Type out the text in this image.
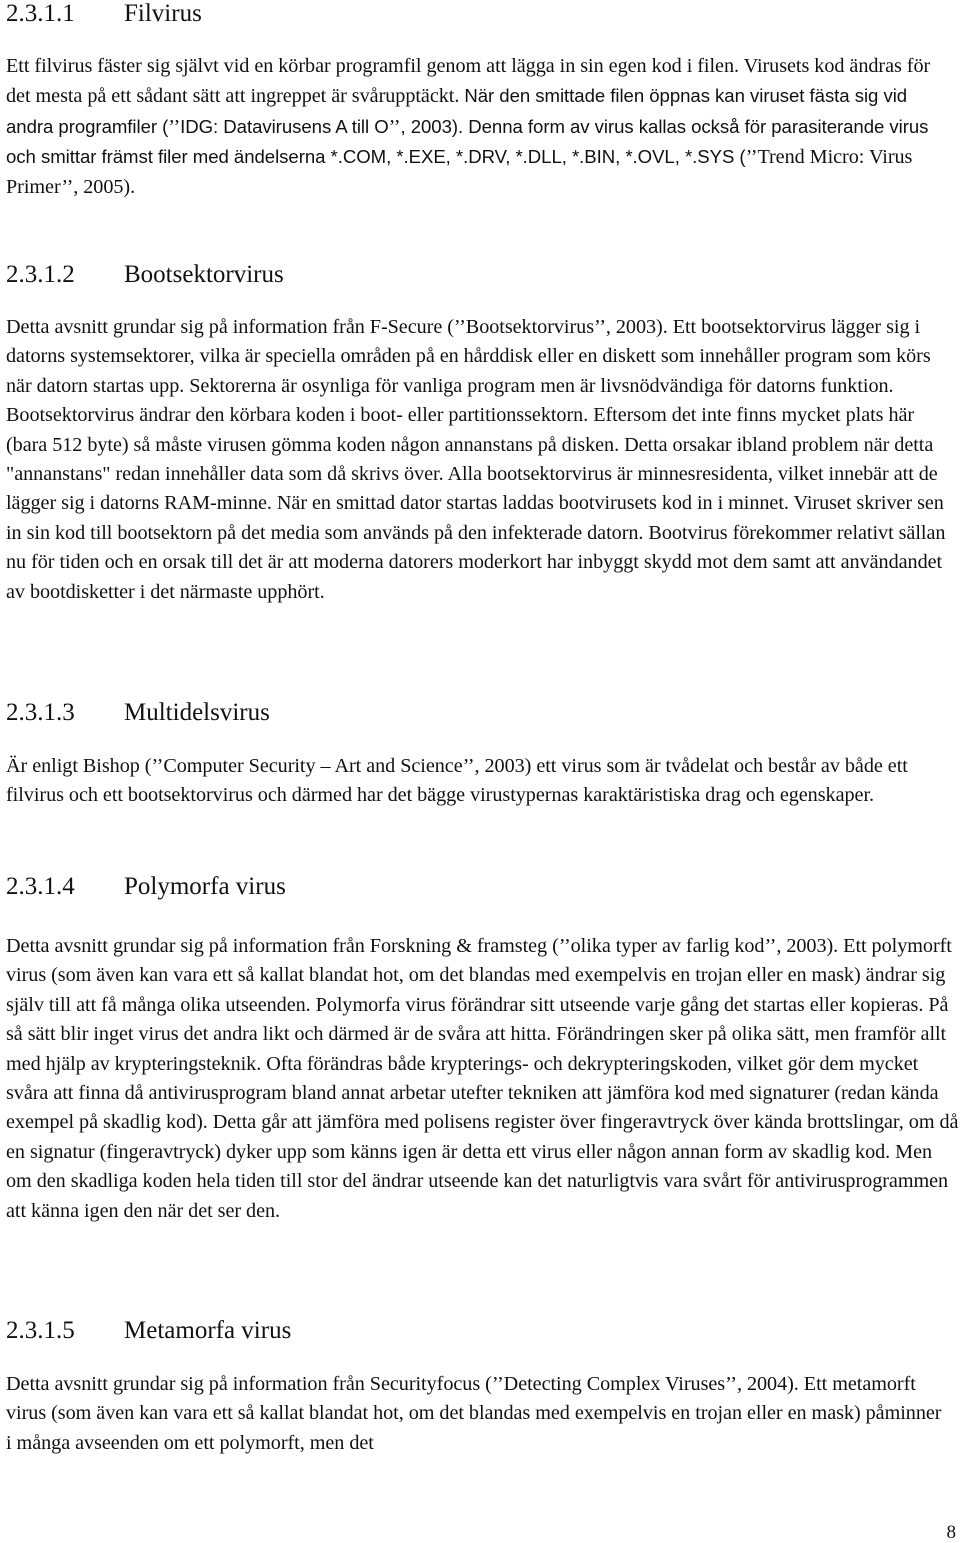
2.3.1.1	Filvirus

Ett filvirus fäster sig självt vid en körbar programfil genom att lägga in sin egen kod i filen. Virusets kod ändras för det mesta på ett sådant sätt att ingreppet är svårupptäckt. När den smittade filen öppnas kan viruset fästa sig vid andra programfiler (’’IDG: Datavirusens A till O’’, 2003). Denna form av virus kallas också för parasiterande virus och smittar främst filer med ändelserna *.COM, *.EXE, *.DRV, *.DLL, *.BIN, *.OVL, *.SYS (’’Trend Micro: Virus Primer’’, 2005).

2.3.1.2	Bootsektorvirus

Detta avsnitt grundar sig på information från F-Secure (’’Bootsektorvirus’’, 2003). Ett bootsektorvirus lägger sig i datorns systemsektorer, vilka är speciella områden på en hårddisk eller en diskett som innehåller program som körs när datorn startas upp. Sektorerna är osynliga för vanliga program men är livsnödvändiga för datorns funktion. Bootsektorvirus ändrar den körbara koden i boot- eller partitionssektorn. Eftersom det inte finns mycket plats här (bara 512 byte) så måste virusen gömma koden någon annanstans på disken. Detta orsakar ibland problem när detta "annanstans" redan innehåller data som då skrivs över. Alla bootsektorvirus är minnesresidenta, vilket innebär att de lägger sig i datorns RAM-minne. När en smittad dator startas laddas bootvirusets kod in i minnet. Viruset skriver sen in sin kod till bootsektorn på det media som används på den infekterade datorn. Bootvirus förekommer relativt sällan nu för tiden och en orsak till det är att moderna datorers moderkort har inbyggt skydd mot dem samt att användandet av bootdisketter i det närmaste upphört.

2.3.1.3	Multidelsvirus

Är enligt Bishop (’’Computer Security – Art and Science’’, 2003) ett virus som är tvådelat och består av både ett filvirus och ett bootsektorvirus och därmed har det bägge virustypernas karaktäristiska drag och egenskaper.

2.3.1.4	Polymorfa virus

Detta avsnitt grundar sig på information från Forskning & framsteg (’’olika typer av farlig kod’’, 2003). Ett polymorft virus (som även kan vara ett så kallat blandat hot, om det blandas med exempelvis en trojan eller en mask) ändrar sig själv till att få många olika utseenden. Polymorfa virus förändrar sitt utseende varje gång det startas eller kopieras. På så sätt blir inget virus det andra likt och därmed är de svåra att hitta. Förändringen sker på olika sätt, men framför allt med hjälp av krypteringsteknik. Ofta förändras både krypterings- och dekrypteringskoden, vilket gör dem mycket svåra att finna då antivirusprogram bland annat arbetar utefter tekniken att jämföra kod med signaturer (redan kända exempel på skadlig kod). Detta går att jämföra med polisens register över fingeravtryck över kända brottslingar, om då en signatur (fingeravtryck) dyker upp som känns igen är detta ett virus eller någon annan form av skadlig kod. Men om den skadliga koden hela tiden till stor del ändrar utseende kan det naturligtvis vara svårt för antivirusprogrammen att känna igen den när det ser den.

2.3.1.5	Metamorfa virus

Detta avsnitt grundar sig på information från Securityfocus (’’Detecting Complex Viruses’’, 2004). Ett metamorft virus (som även kan vara ett så kallat blandat hot, om det blandas med exempelvis en trojan eller en mask) påminner i många avseenden om ett polymorft, men det

8
